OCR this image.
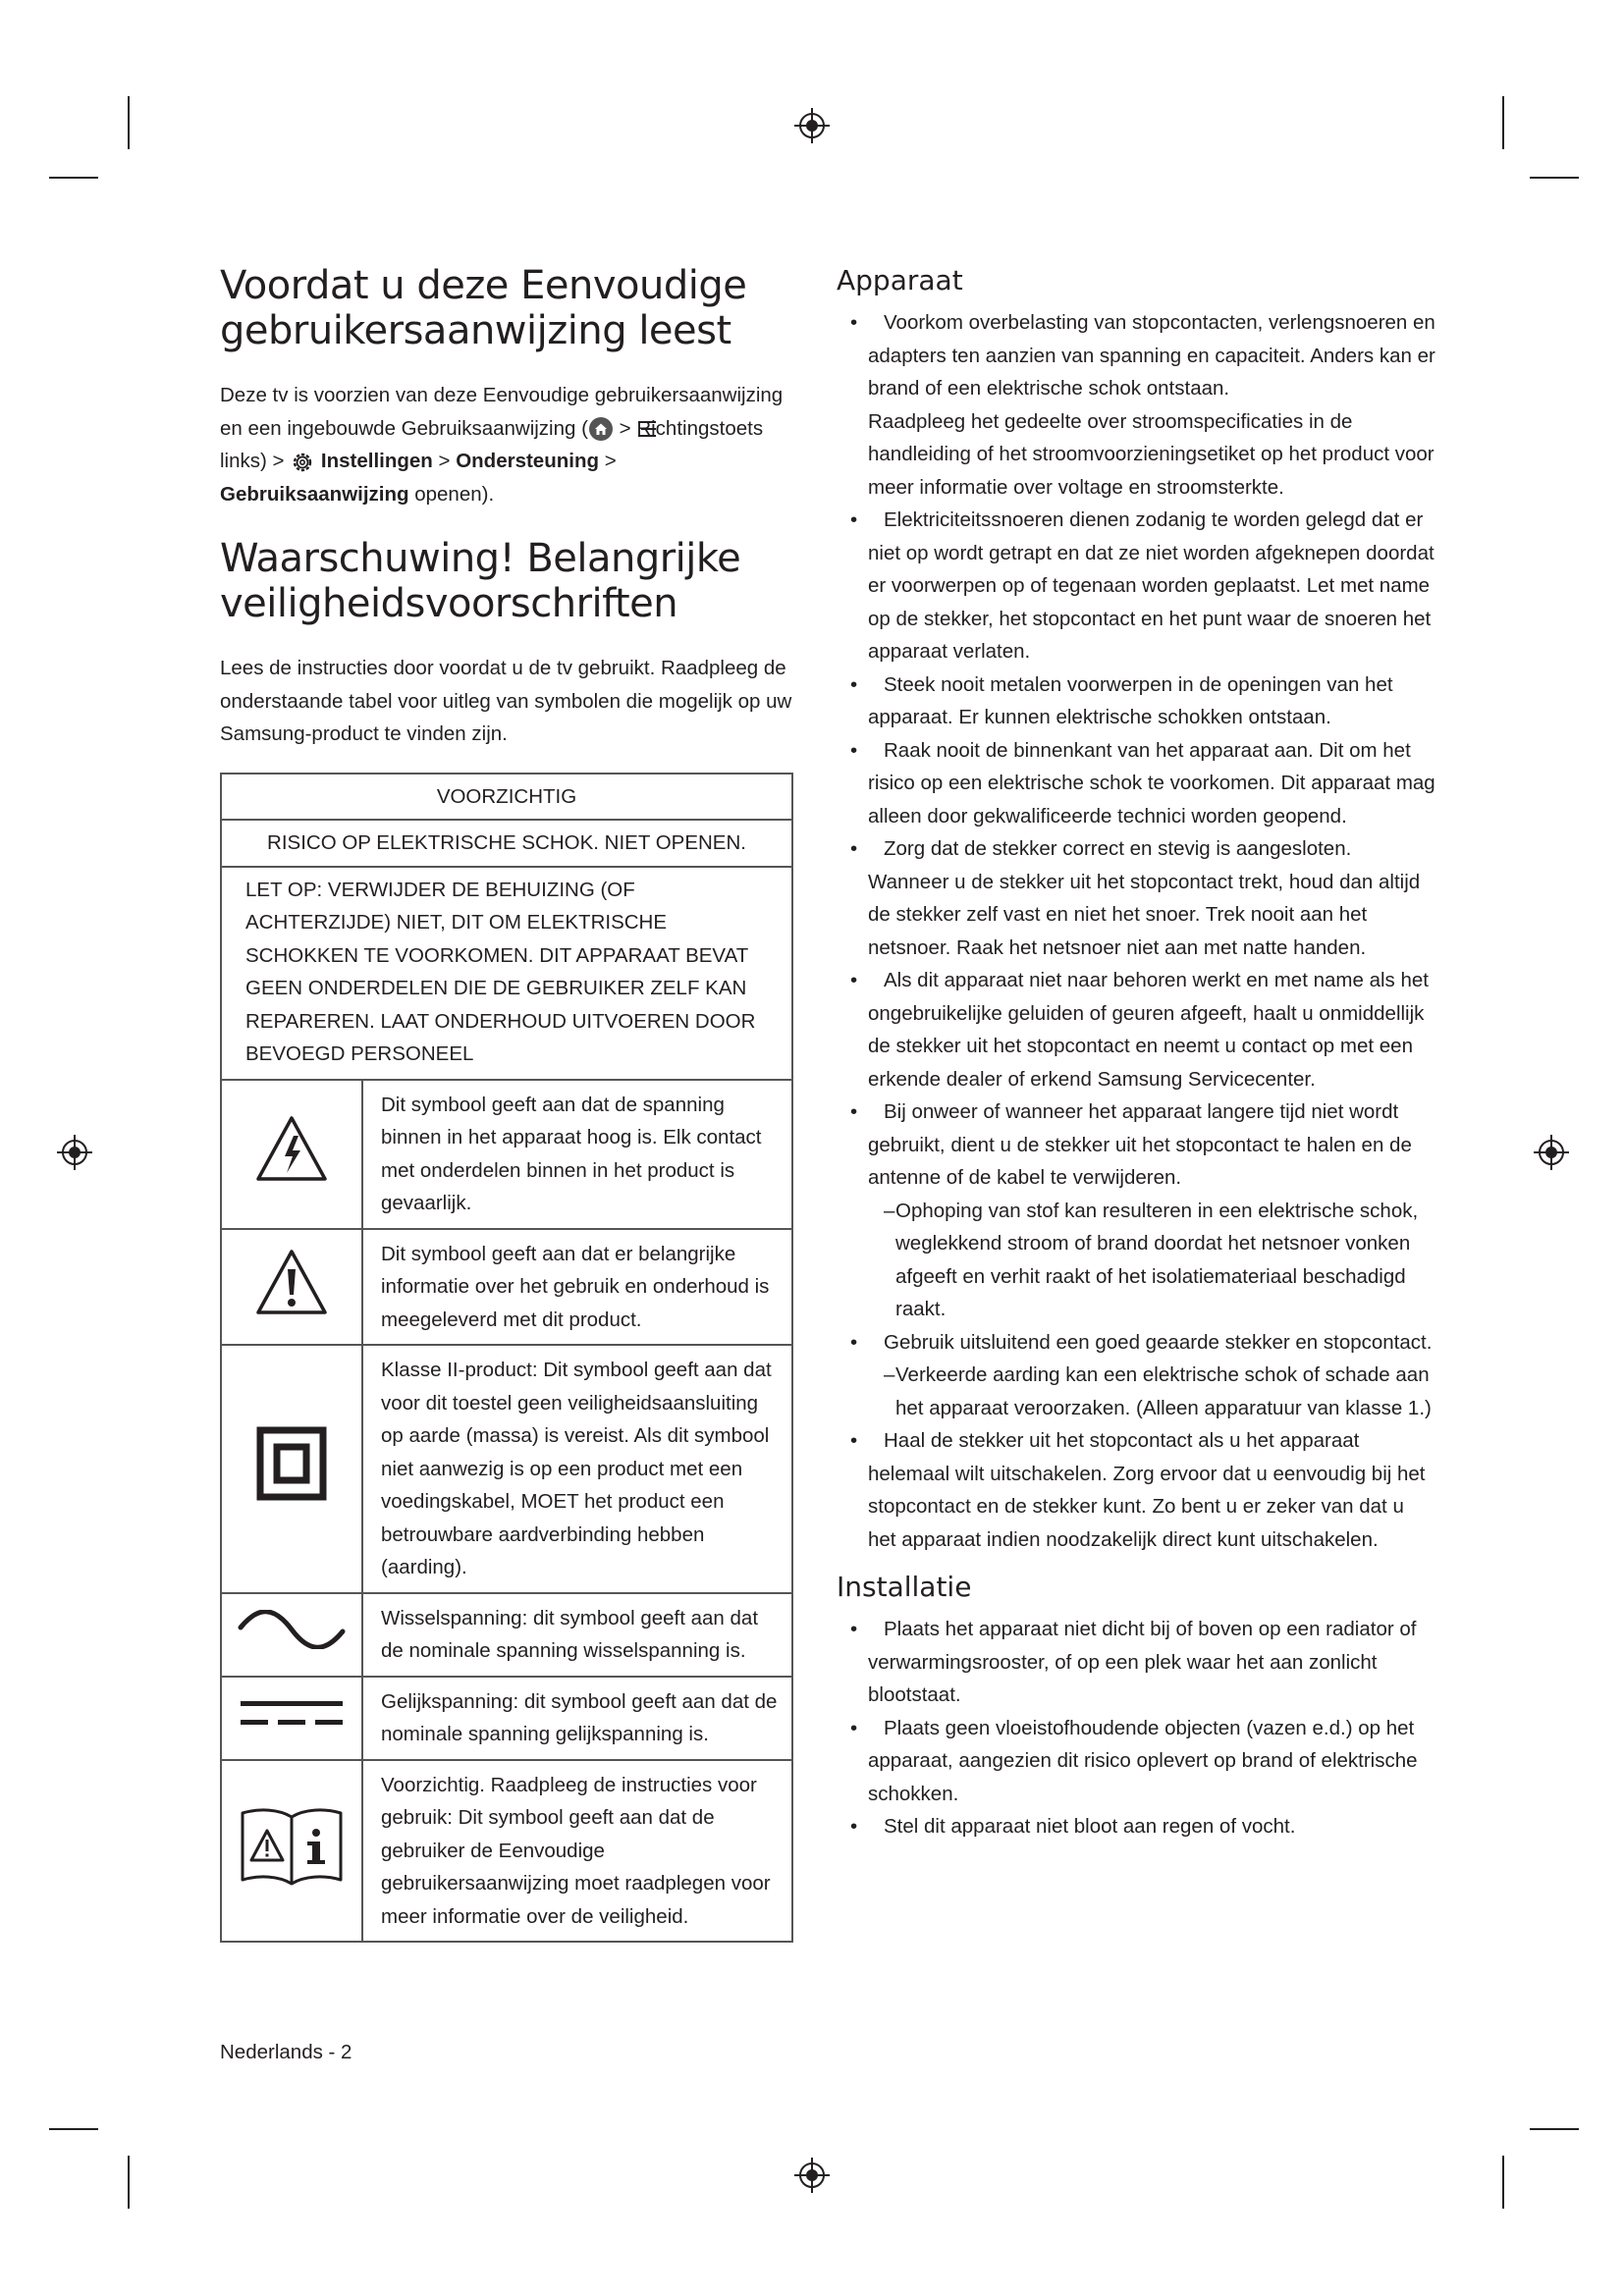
Voordat u deze Eenvoudige gebruikersaanwijzing leest

Deze tv is voorzien van deze Eenvoudige gebruikersaanwijzing en een ingebouwde Gebruiksaanwijzing ( > Richtingstoets links) >  Instellingen > Ondersteuning > Gebruiksaanwijzing openen).

Waarschuwing! Belangrijke veiligheidsvoorschriften

Lees de instructies door voordat u de tv gebruikt. Raadpleeg de onderstaande tabel voor uitleg van symbolen die mogelijk op uw Samsung-product te vinden zijn.

VOORZICHTIG	
RISICO OP ELEKTRISCHE SCHOK. NIET OPENEN.	
LET OP: VERWIJDER DE BEHUIZING (OF ACHTERZIJDE) NIET, DIT OM ELEKTRISCHE SCHOKKEN TE VOORKOMEN. DIT APPARAAT BEVAT GEEN ONDERDELEN DIE DE GEBRUIKER ZELF KAN REPAREREN. LAAT ONDERHOUD UITVOEREN DOOR BEVOEGD PERSONEEL	
	Dit symbool geeft aan dat de spanning binnen in het apparaat hoog is. Elk contact met onderdelen binnen in het product is gevaarlijk.
	Dit symbool geeft aan dat er belangrijke informatie over het gebruik en onderhoud is meegeleverd met dit product.
	Klasse II-product: Dit symbool geeft aan dat voor dit toestel geen veiligheidsaansluiting op aarde (massa) is vereist. Als dit symbool niet aanwezig is op een product met een voedingskabel, MOET het product een betrouwbare aardverbinding hebben (aarding).
	Wisselspanning: dit symbool geeft aan dat de nominale spanning wisselspanning is.
	Gelijkspanning: dit symbool geeft aan dat de nominale spanning gelijkspanning is.
	Voorzichtig. Raadpleeg de instructies voor gebruik: Dit symbool geeft aan dat de gebruiker de Eenvoudige gebruikersaanwijzing moet raadplegen voor meer informatie over de veiligheid.
Apparaat
• Voorkom overbelasting van stopcontacten, verlengsnoeren en adapters ten aanzien van spanning en capaciteit. Anders kan er brand of een elektrische schok ontstaan.
Raadpleeg het gedeelte over stroomspecificaties in de handleiding of het stroomvoorzieningsetiket op het product voor meer informatie over voltage en stroomsterkte.
• Elektriciteitssnoeren dienen zodanig te worden gelegd dat er niet op wordt getrapt en dat ze niet worden afgeknepen doordat er voorwerpen op of tegenaan worden geplaatst. Let met name op de stekker, het stopcontact en het punt waar de snoeren het apparaat verlaten.
• Steek nooit metalen voorwerpen in de openingen van het apparaat. Er kunnen elektrische schokken ontstaan.
• Raak nooit de binnenkant van het apparaat aan. Dit om het risico op een elektrische schok te voorkomen. Dit apparaat mag alleen door gekwalificeerde technici worden geopend.
• Zorg dat de stekker correct en stevig is aangesloten. Wanneer u de stekker uit het stopcontact trekt, houd dan altijd de stekker zelf vast en niet het snoer. Trek nooit aan het netsnoer. Raak het netsnoer niet aan met natte handen.
• Als dit apparaat niet naar behoren werkt en met name als het ongebruikelijke geluiden of geuren afgeeft, haalt u onmiddellijk de stekker uit het stopcontact en neemt u contact op met een erkende dealer of erkend Samsung Servicecenter.
• Bij onweer of wanneer het apparaat langere tijd niet wordt gebruikt, dient u de stekker uit het stopcontact te halen en de antenne of de kabel te verwijderen.
– Ophoping van stof kan resulteren in een elektrische schok, weglekkend stroom of brand doordat het netsnoer vonken afgeeft en verhit raakt of het isolatiemateriaal beschadigd raakt.
• Gebruik uitsluitend een goed geaarde stekker en stopcontact.
– Verkeerde aarding kan een elektrische schok of schade aan het apparaat veroorzaken. (Alleen apparatuur van klasse 1.)
• Haal de stekker uit het stopcontact als u het apparaat helemaal wilt uitschakelen. Zorg ervoor dat u eenvoudig bij het stopcontact en de stekker kunt. Zo bent u er zeker van dat u het apparaat indien noodzakelijk direct kunt uitschakelen.
Installatie
• Plaats het apparaat niet dicht bij of boven op een radiator of verwarmingsrooster, of op een plek waar het aan zonlicht blootstaat.
• Plaats geen vloeistofhoudende objecten (vazen e.d.) op het apparaat, aangezien dit risico oplevert op brand of elektrische schokken.
• Stel dit apparaat niet bloot aan regen of vocht.
Nederlands - 2
